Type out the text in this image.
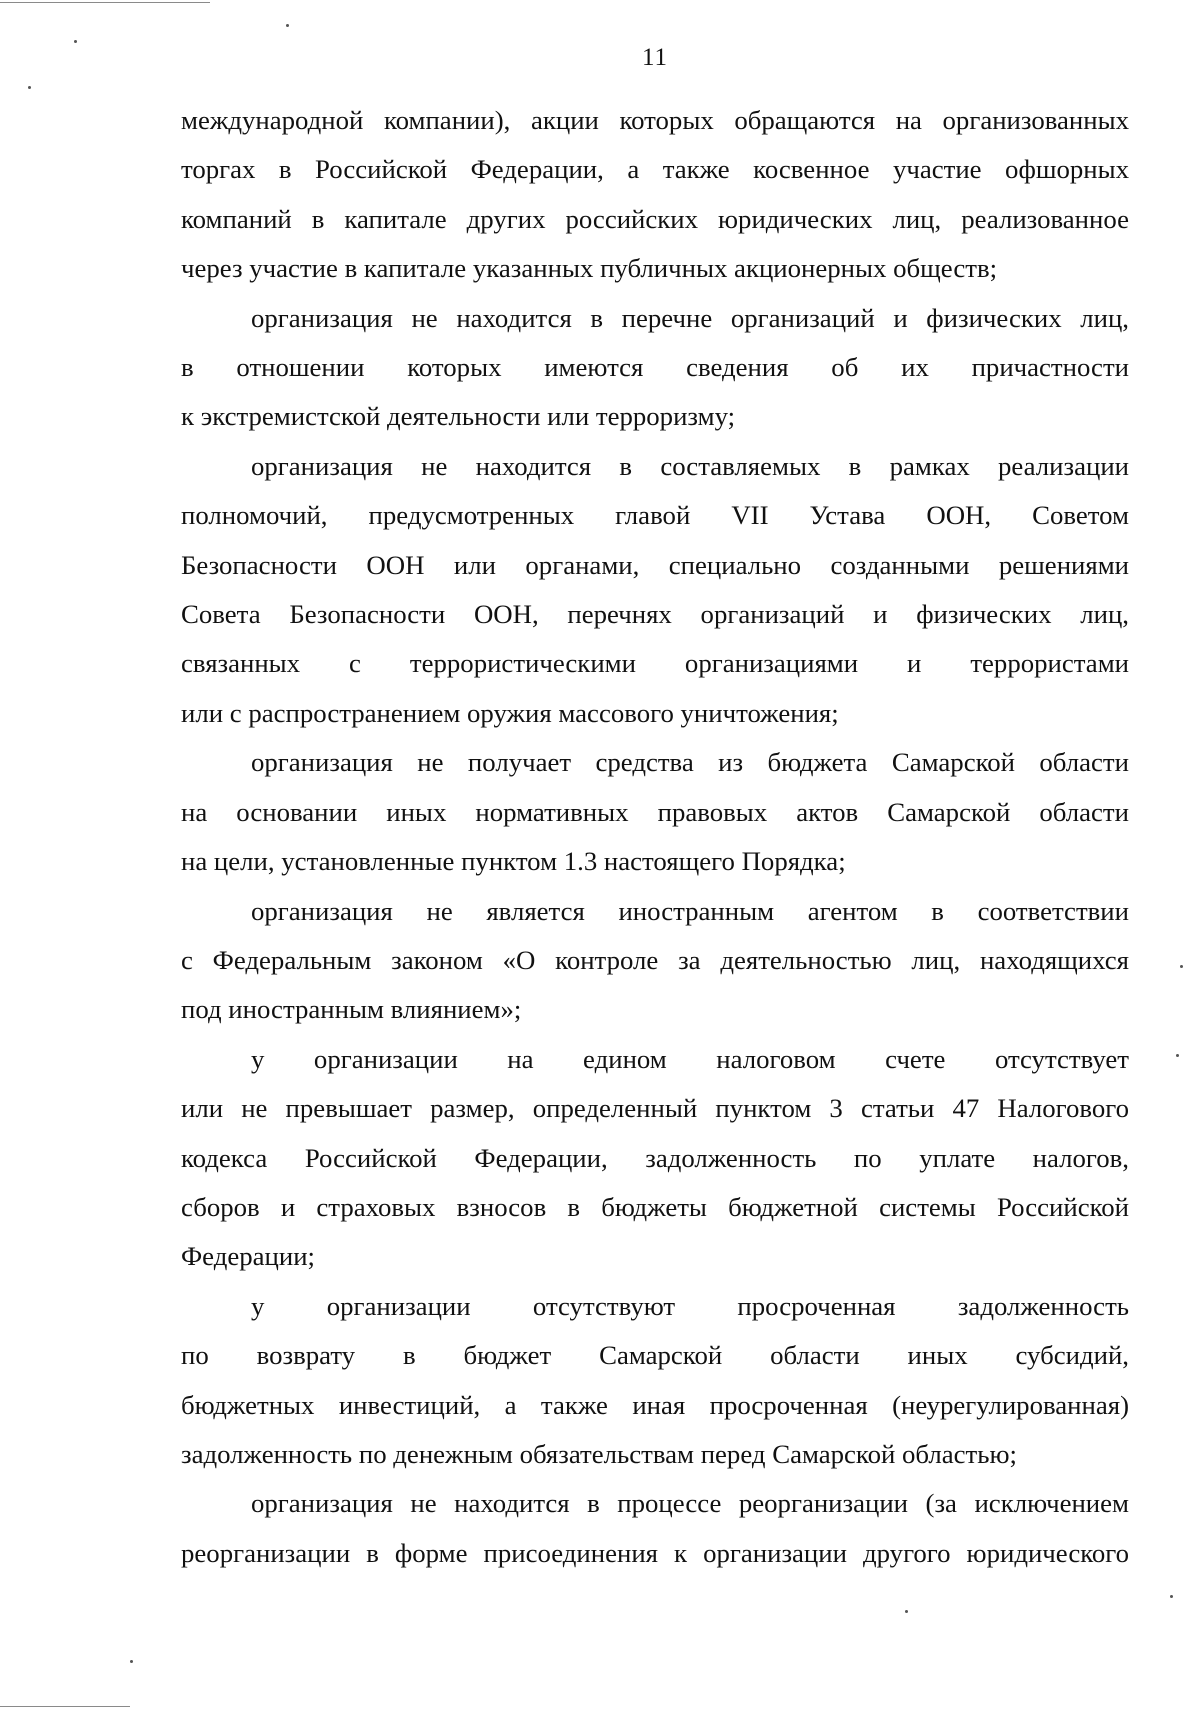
11

международной компании), акции которых обращаются на организованных

торгах в Российской Федерации, а также косвенное участие офшорных

компаний в капитале других российских юридических лиц, реализованное

через участие в капитале указанных публичных акционерных обществ;

организация не находится в перечне организаций и физических лиц,

в отношении которых имеются сведения об их причастности

к экстремистской деятельности или терроризму;

организация не находится в составляемых в рамках реализации

полномочий, предусмотренных главой VII Устава ООН, Советом

Безопасности ООН или органами, специально созданными решениями

Совета Безопасности ООН, перечнях организаций и физических лиц,

связанных с террористическими организациями и террористами

или с распространением оружия массового уничтожения;

организация не получает средства из бюджета Самарской области

на основании иных нормативных правовых актов Самарской области

на цели, установленные пунктом 1.3 настоящего Порядка;

организация не является иностранным агентом в соответствии

с Федеральным законом «О контроле за деятельностью лиц, находящихся

под иностранным влиянием»;

у организации на едином налоговом счете отсутствует

или не превышает размер, определенный пунктом 3 статьи 47 Налогового

кодекса Российской Федерации, задолженность по уплате налогов,

сборов и страховых взносов в бюджеты бюджетной системы Российской

Федерации;

у организации отсутствуют просроченная задолженность

по возврату в бюджет Самарской области иных субсидий,

бюджетных инвестиций, а также иная просроченная (неурегулированная)

задолженность по денежным обязательствам перед Самарской областью;

организация не находится в процессе реорганизации (за исключением

реорганизации в форме присоединения к организации другого юридического
